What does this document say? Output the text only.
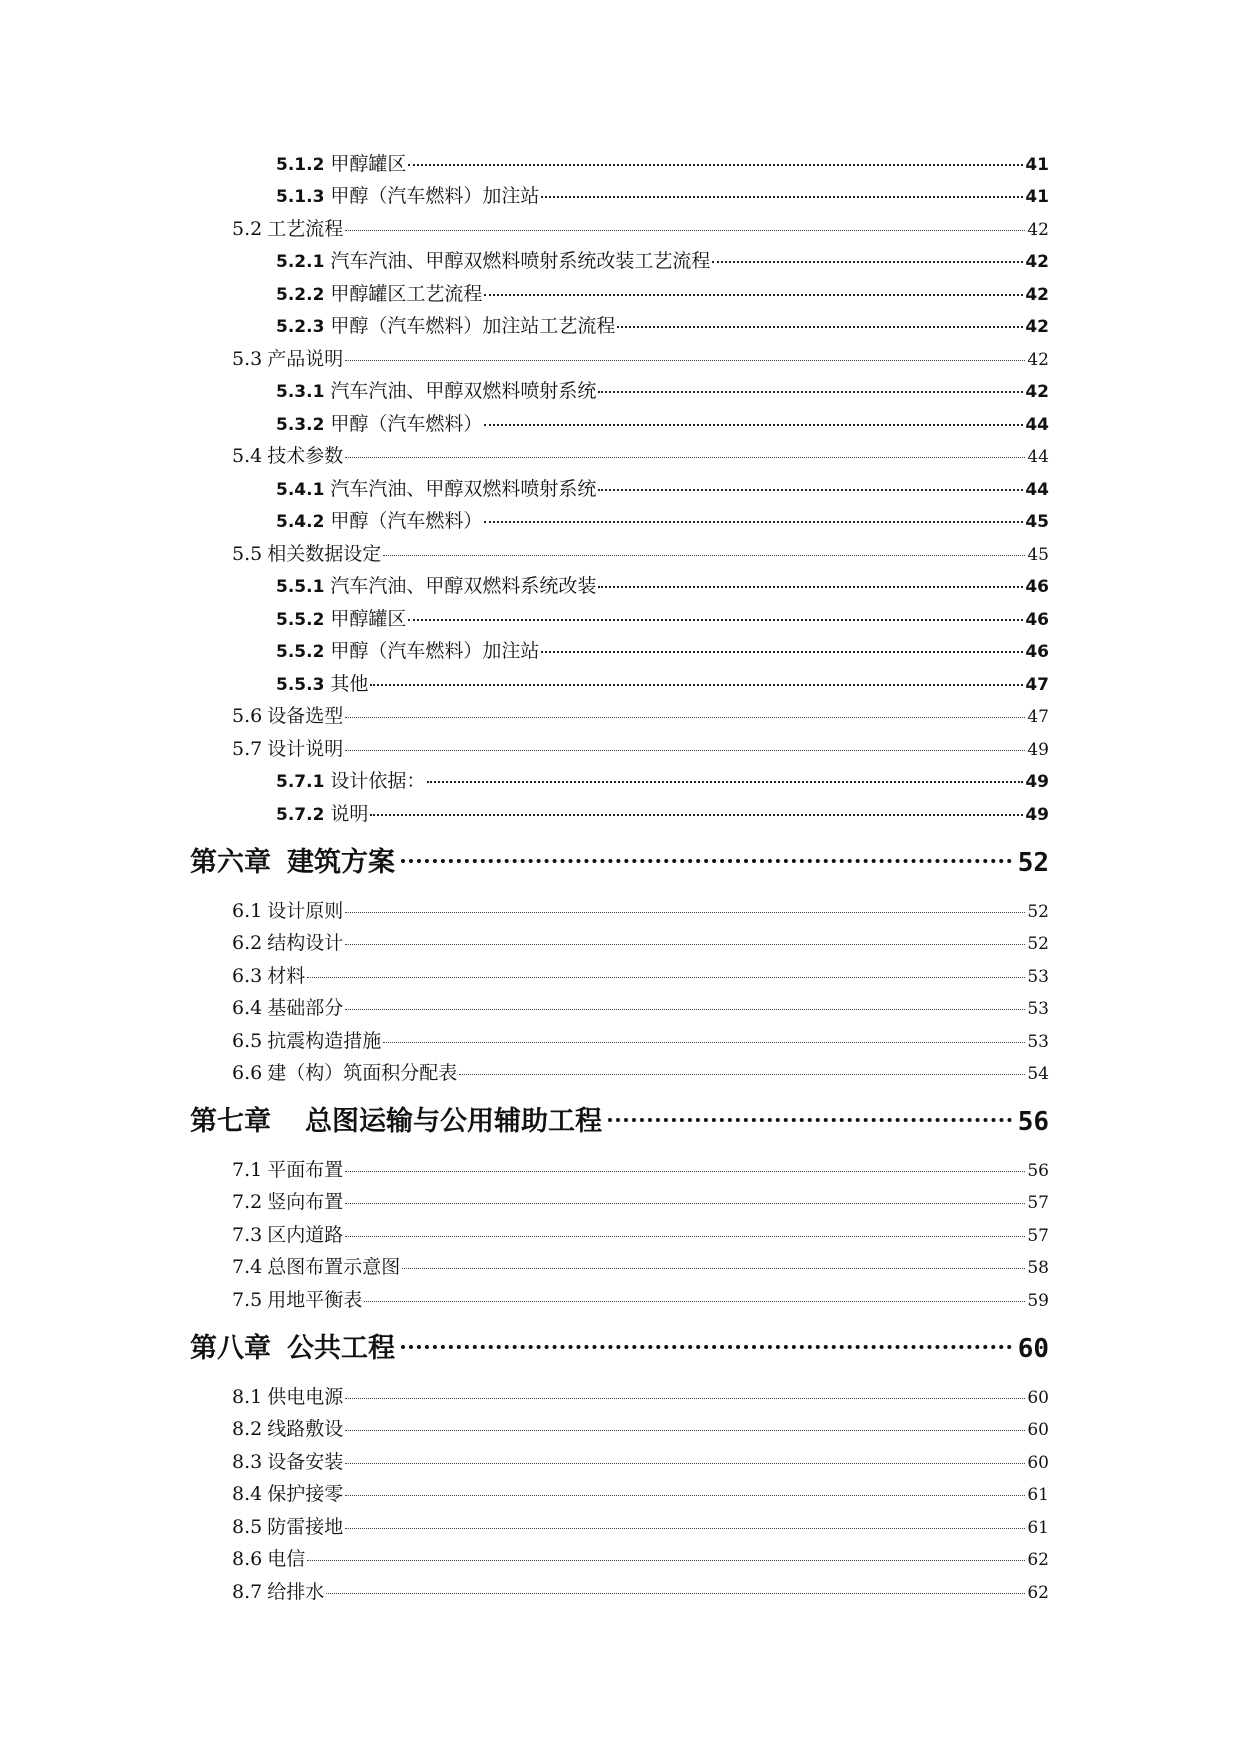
5.1.2 甲醇罐区	41
5.1.3 甲醇（汽车燃料）加注站	41
5.2 工艺流程	42
5.2.1 汽车汽油、甲醇双燃料喷射系统改装工艺流程	42
5.2.2 甲醇罐区工艺流程	42
5.2.3 甲醇（汽车燃料）加注站工艺流程	42
5.3 产品说明	42
5.3.1 汽车汽油、甲醇双燃料喷射系统	42
5.3.2 甲醇（汽车燃料）	44
5.4 技术参数	44
5.4.1 汽车汽油、甲醇双燃料喷射系统	44
5.4.2 甲醇（汽车燃料）	45
5.5 相关数据设定	45
5.5.1 汽车汽油、甲醇双燃料系统改装	46
5.5.2 甲醇罐区	46
5.5.2 甲醇（汽车燃料）加注站	46
5.5.3 其他	47
5.6 设备选型	47
5.7 设计说明	49
5.7.1 设计依据：	49
5.7.2 说明	49
第六章 建筑方案	52
6.1 设计原则	52
6.2 结构设计	52
6.3 材料	53
6.4 基础部分	53
6.5 抗震构造措施	53
6.6 建（构）筑面积分配表	54
第七章 总图运输与公用辅助工程	56
7.1 平面布置	56
7.2 竖向布置	57
7.3 区内道路	57
7.4 总图布置示意图	58
7.5 用地平衡表	59
第八章 公共工程	60
8.1 供电电源	60
8.2 线路敷设	60
8.3 设备安装	60
8.4 保护接零	61
8.5 防雷接地	61
8.6 电信	62
8.7 给排水	62
